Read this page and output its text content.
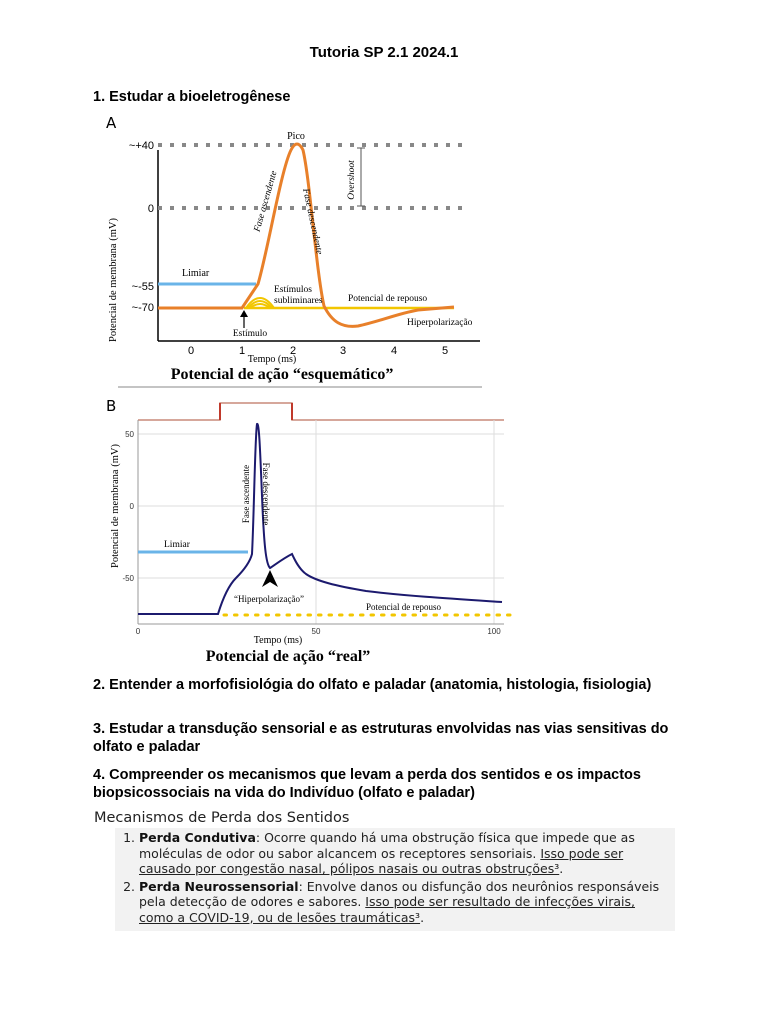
Tutoria SP 2.1 2024.1
1. Estudar a bioeletrogênese
A
Potencial de membrana (mV)
~+40
0
~-55
~-70
Limiar
Pico
Overshoot
Fase ascendente Fase descendente
Estímulos
subliminares	Potencial de repouso
Estímulo
Hiperpolarização
0	1	2	3	4	5
Tempo (ms)
Potencial de ação “esquemático”
B
50
0
-50
Potencial de membrana (mV)	Limiar
Fase ascendente Fase descendente
“Hiperpolarização”
Potencial de repouso
0	50	100
Tempo (ms)
Potencial de ação “real”
2. Entender a morfofisiológia do olfato e paladar (anatomia, histologia, fisiologia)
3. Estudar a transdução sensorial e as estruturas envolvidas nas vias sensitivas do olfato e paladar
4. Compreender os mecanismos que levam a perda dos sentidos e os impactos biopsicossociais na vida do Indivíduo (olfato e paladar)
Mecanismos de Perda dos Sentidos
1. Perda Condutiva: Ocorre quando há uma obstrução física que impede que as moléculas de odor ou sabor alcancem os receptores sensoriais. Isso pode ser causado por congestão nasal, pólipos nasais ou outras obstruções³.
2. Perda Neurossensorial: Envolve danos ou disfunção dos neurônios responsáveis pela detecção de odores e sabores. Isso pode ser resultado de infecções virais, como a COVID-19, ou de lesões traumáticas³.
